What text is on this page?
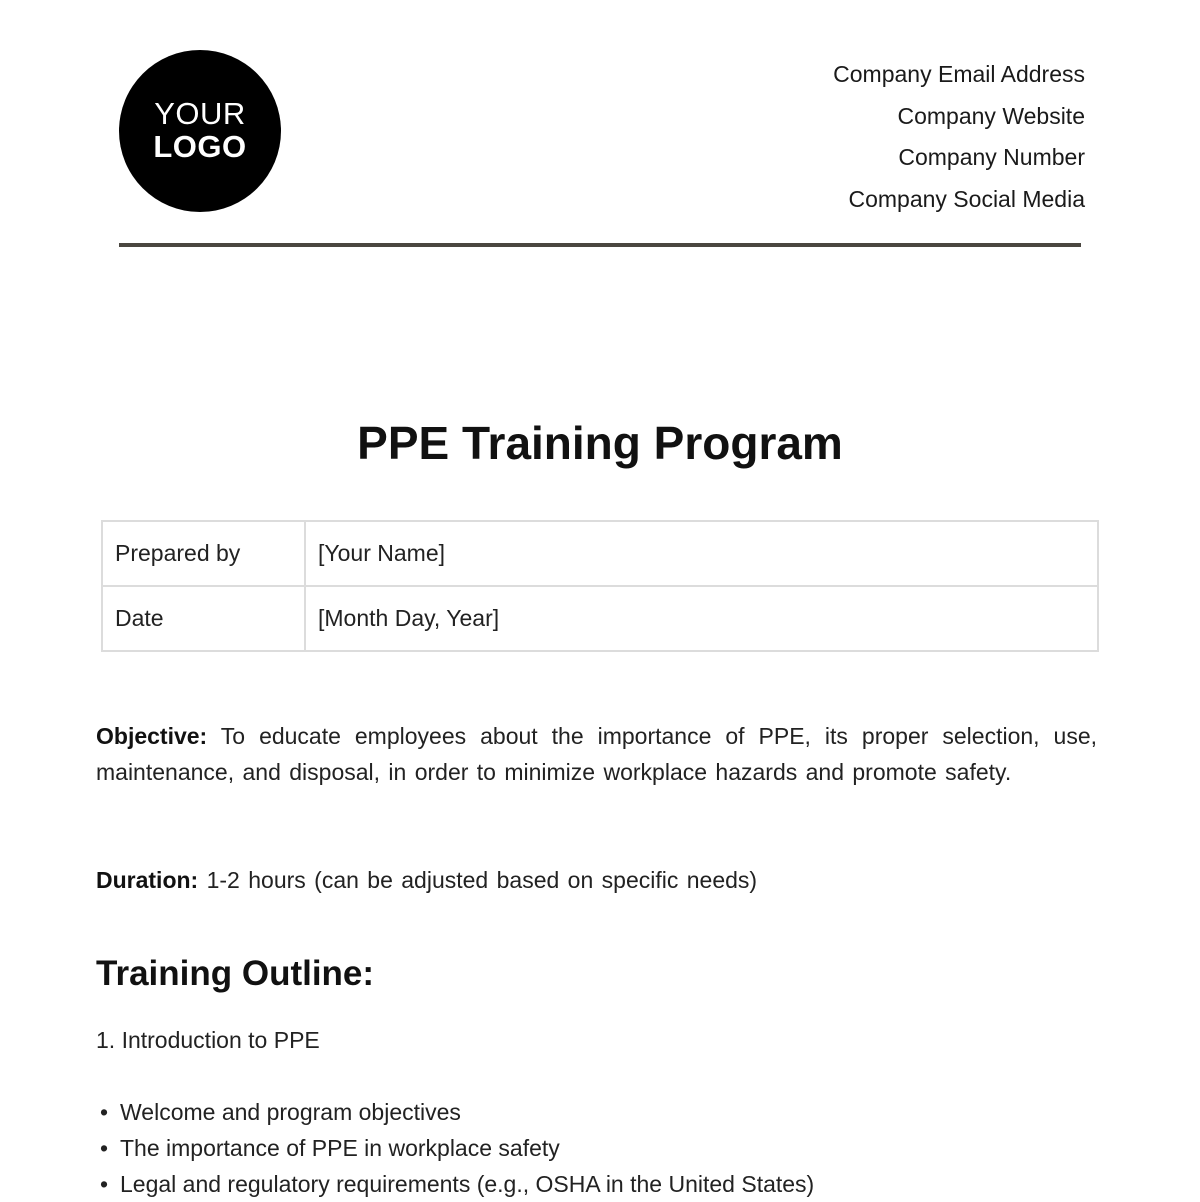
YOUR
LOGO
Company Email Address
Company Website
Company Number
Company Social Media
PPE Training Program
Prepared by	[Your Name]
Date	[Month Day, Year]
Objective: To educate employees about the importance of PPE, its proper selection, use, maintenance, and disposal, in order to minimize workplace hazards and promote safety.
Duration: 1-2 hours (can be adjusted based on specific needs)
Training Outline:
1. Introduction to PPE
• Welcome and program objectives
• The importance of PPE in workplace safety
• Legal and regulatory requirements (e.g., OSHA in the United States)
